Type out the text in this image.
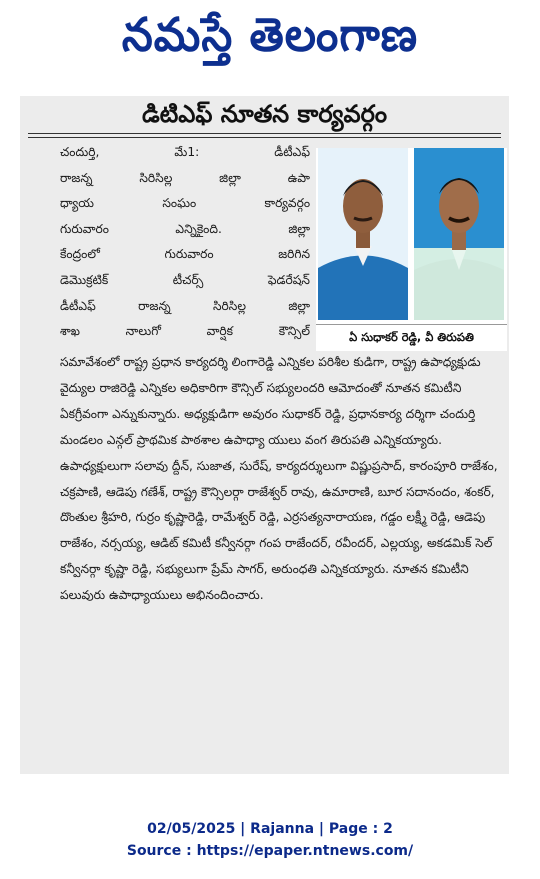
నమస్తే తెలంగాణ
డిటిఎఫ్ నూతన కార్యవర్గం
చందుర్తి, మే1: డీటీఎఫ్
రాజన్న సిరిసిల్ల జిల్లా ఉపా
ధ్యాయ సంఘం కార్యవర్గం
గురువారం ఎన్నికైంది. జిల్లా
కేంద్రంలో గురువారం జరిగిన
డెమొక్రటిక్ టీచర్స్ ఫెడరేషన్
డీటీఎఫ్ రాజన్న సిరిసిల్ల జిల్లా
శాఖ నాలుగో వార్షిక కౌన్సిల్	ఏ సుధాకర్ రెడ్డి, వీ తిరుపతి
సమావేశంలో రాష్ట్ర ప్రధాన కార్యదర్శి లింగారెడ్డి ఎన్నికల పరిశీల కుడిగా, రాష్ట్ర ఉపాధ్యక్షుడు వైద్యుల రాజిరెడ్డి ఎన్నికల అధికారిగా కౌన్సిల్ సభ్యులందరి ఆమోదంతో నూతన కమిటీని ఏకగ్రీవంగా ఎన్నుకున్నారు. అధ్యక్షుడిగా అవురం సుధాకర్ రెడ్డి, ప్రధానకార్య దర్శిగా చందుర్తి మండలం ఎన్గల్ ప్రాథమిక పాఠశాల ఉపాధ్యా యులు వంగ తిరుపతి ఎన్నికయ్యారు. ఉపాధ్యక్షులుగా సలావు ద్దీన్, సుజాత, సురేష్, కార్యదర్శులుగా విష్ణుప్రసాద్, కారంపూరి రాజేశం, చక్రపాణి, ఆడెపు గణేశ్, రాష్ట్ర కౌన్సిలర్గా రాజేశ్వర్ రావు, ఉమారాణి, బూర సదానందం, శంకర్, దొంతుల శ్రీహరి, గుర్రం కృష్ణారెడ్డి, రామేశ్వర్ రెడ్డి, ఎర్రసత్యనారాయణ, గడ్డం లక్ష్మీ రెడ్డి, ఆడెపు రాజేశం, నర్సయ్య, ఆడిట్ కమిటీ కన్వీనర్గా గంప రాజేందర్, రవీందర్, ఎల్లయ్య, అకడమిక్ సెల్ కన్వీనర్గా కృష్ణా రెడ్డి, సభ్యులుగా ప్రేమ్ సాగర్, అరుంధతి ఎన్నికయ్యారు. నూతన కమిటీని పలువురు ఉపాధ్యాయులు అభినందించారు.
02/05/2025 | Rajanna | Page : 2
Source : https://epaper.ntnews.com/
